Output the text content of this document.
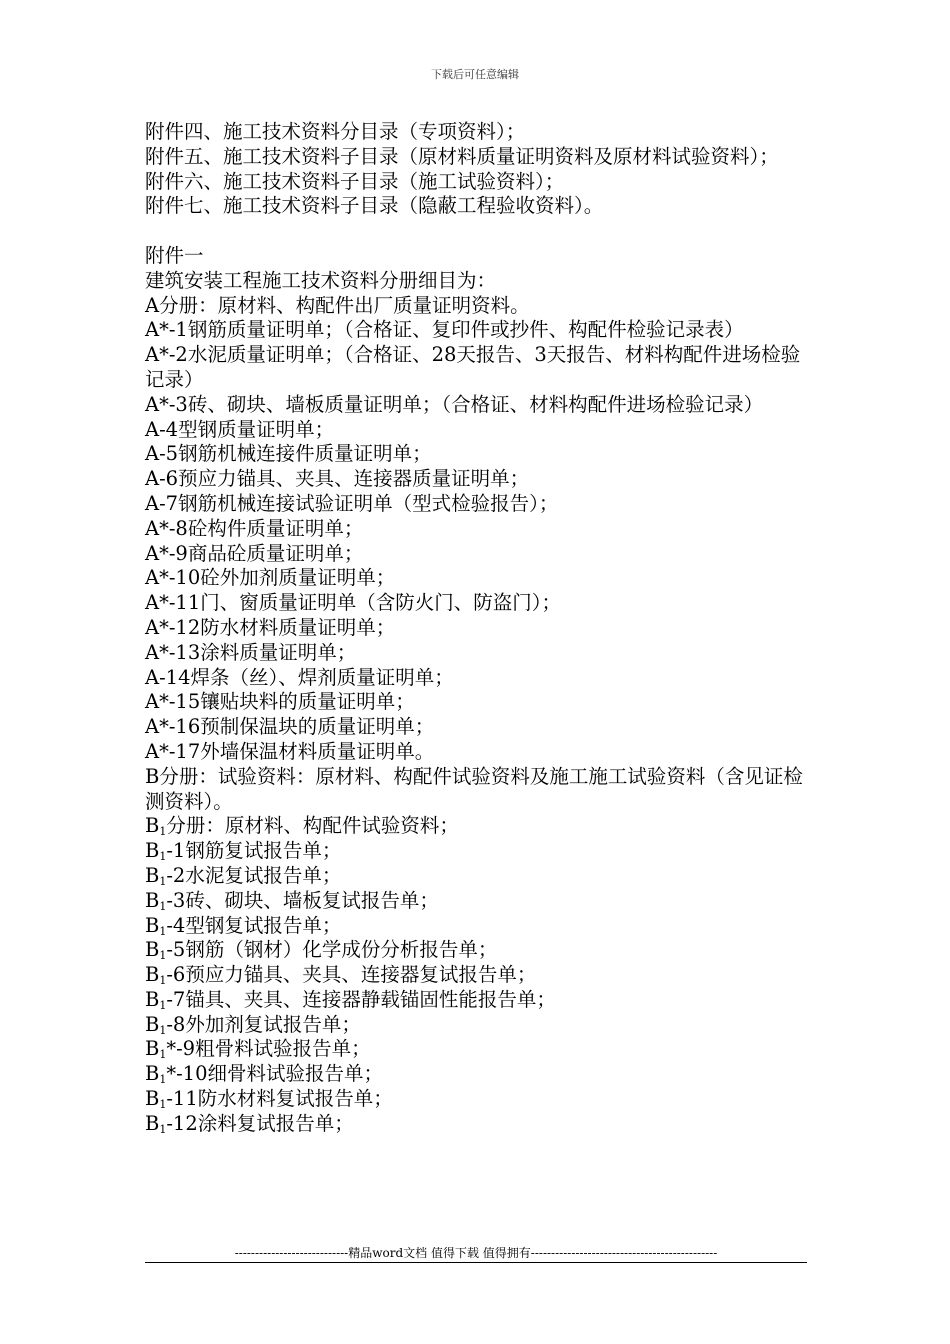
下载后可任意编辑
附件四、施工技术资料分目录（专项资料）；
附件五、施工技术资料子目录（原材料质量证明资料及原材料试验资料）；
附件六、施工技术资料子目录（施工试验资料）；
附件七、施工技术资料子目录（隐蔽工程验收资料）。
附件一
建筑安装工程施工技术资料分册细目为：
A分册：原材料、构配件出厂质量证明资料。
A*-1钢筋质量证明单；（合格证、复印件或抄件、构配件检验记录表）
A*-2水泥质量证明单；（合格证、28天报告、3天报告、材料构配件进场检验记录）
A*-3砖、砌块、墙板质量证明单；（合格证、材料构配件进场检验记录）
A-4型钢质量证明单；
A-5钢筋机械连接件质量证明单；
A-6预应力锚具、夹具、连接器质量证明单；
A-7钢筋机械连接试验证明单（型式检验报告）；
A*-8砼构件质量证明单；
A*-9商品砼质量证明单；
A*-10砼外加剂质量证明单；
A*-11门、窗质量证明单（含防火门、防盗门）；
A*-12防水材料质量证明单；
A*-13涂料质量证明单；
A-14焊条（丝）、焊剂质量证明单；
A*-15镶贴块料的质量证明单；
A*-16预制保温块的质量证明单；
A*-17外墙保温材料质量证明单。
B分册：试验资料：原材料、构配件试验资料及施工施工试验资料（含见证检测资料）。
$B_1$分册：原材料、构配件试验资料；
$B_1-1$钢筋复试报告单；
$B_1-2$水泥复试报告单；
$B_1-3$砖、砌块、墙板复试报告单；
$B_1-4$型钢复试报告单；
$B_1-5$钢筋（钢材）化学成份分析报告单；
$B_1-6$预应力锚具、夹具、连接器复试报告单；
$B_1-7$锚具、夹具、连接器静载锚固性能报告单；
$B_1-8$外加剂复试报告单；
$B_1*-9$粗骨料试验报告单；
$B_1*-10$细骨料试验报告单；
$B_1-11$防水材料复试报告单；
$B_1-12$涂料复试报告单；
----------------------------精品word文档 值得下载 值得拥有----------------------------------------------
